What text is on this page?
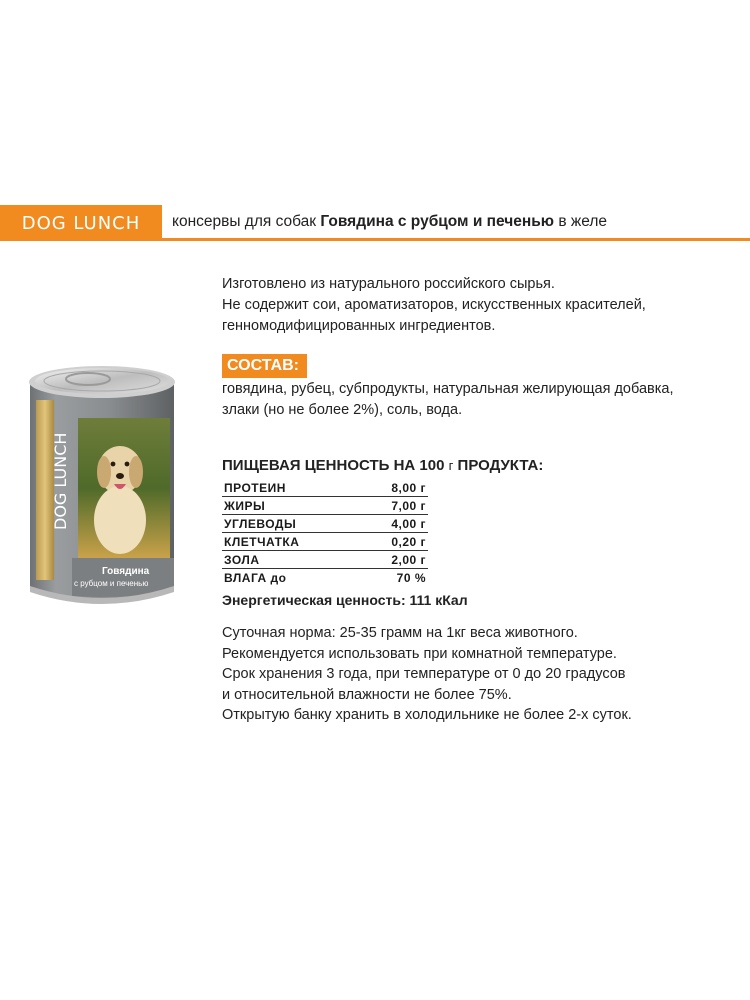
DOG LUNCH консервы для собак Говядина с рубцом и печенью в желе
Изготовлено из натурального российского сырья.
Не содержит сои, ароматизаторов, искусственных красителей,
генномодифицированных ингредиентов.
СОСТАВ:
говядина, рубец, субпродукты, натуральная желирующая добавка,
злаки (но не более 2%), соль, вода.
ПИЩЕВАЯ ЦЕННОСТЬ НА 100 г ПРОДУКТА:
ПРОТЕИН	8,00 г
ЖИРЫ	7,00 г
УГЛЕВОДЫ	4,00 г
КЛЕТЧАТКА	0,20 г
ЗОЛА	2,00 г
ВЛАГА до	70 %
Энергетическая ценность: 111 кКал
Суточная норма: 25-35 грамм на 1кг веса животного.
Рекомендуется использовать при комнатной температуре.
Срок хранения 3 года, при температуре от 0 до 20 градусов
и относительной влажности не более 75%.
Открытую банку хранить в холодильнике не более 2-х суток.
DOG LUNCH
Говядина
с рубцом и печенью
